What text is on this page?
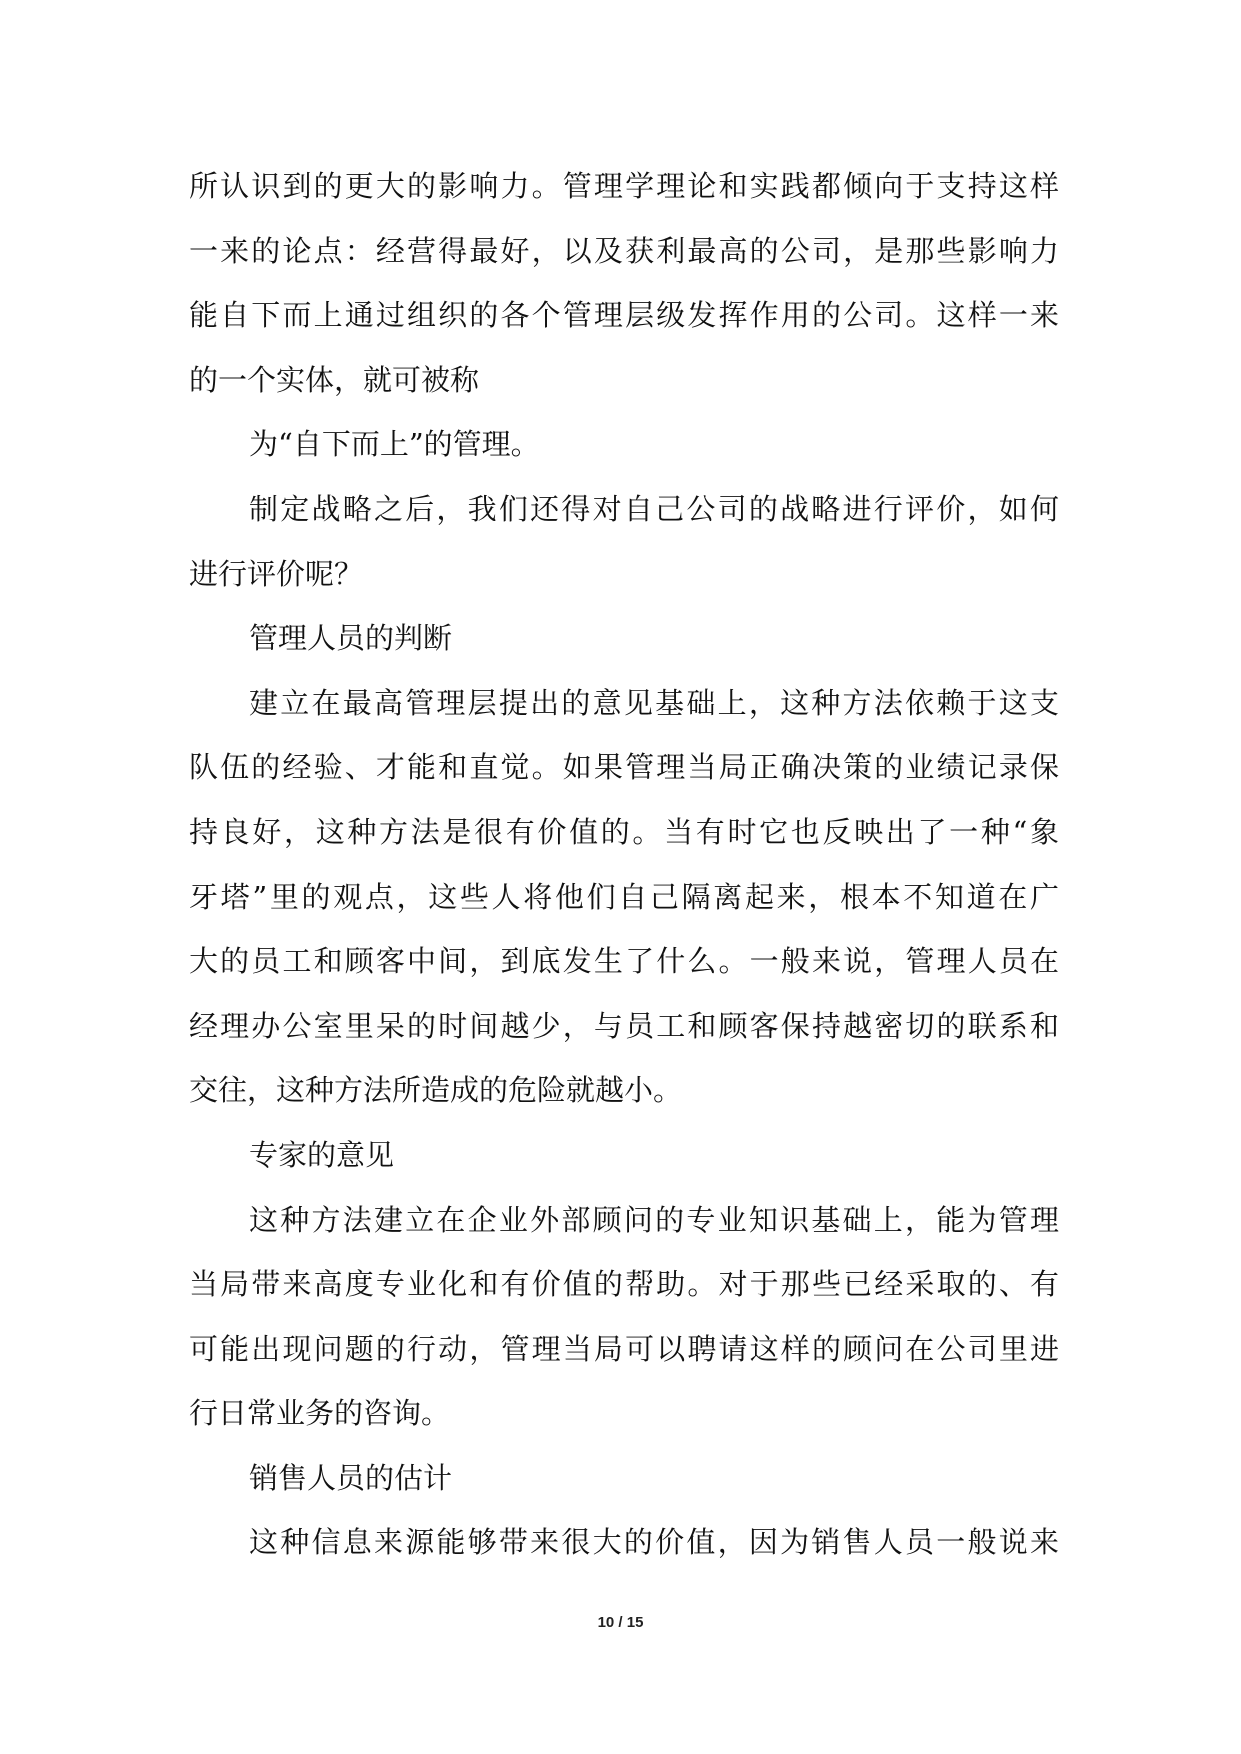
所认识到的更大的影响力。管理学理论和实践都倾向于支持这样
一来的论点：经营得最好，以及获利最高的公司，是那些影响力
能自下而上通过组织的各个管理层级发挥作用的公司。这样一来
的一个实体，就可被称
为“自下而上”的管理。
制定战略之后，我们还得对自己公司的战略进行评价，如何
进行评价呢？
管理人员的判断
建立在最高管理层提出的意见基础上，这种方法依赖于这支
队伍的经验、才能和直觉。如果管理当局正确决策的业绩记录保
持良好，这种方法是很有价值的。当有时它也反映出了一种“象
牙塔”里的观点，这些人将他们自己隔离起来，根本不知道在广
大的员工和顾客中间，到底发生了什么。一般来说，管理人员在
经理办公室里呆的时间越少，与员工和顾客保持越密切的联系和
交往，这种方法所造成的危险就越小。
专家的意见
这种方法建立在企业外部顾问的专业知识基础上，能为管理
当局带来高度专业化和有价值的帮助。对于那些已经采取的、有
可能出现问题的行动，管理当局可以聘请这样的顾问在公司里进
行日常业务的咨询。
销售人员的估计
这种信息来源能够带来很大的价值，因为销售人员一般说来
10 / 15
